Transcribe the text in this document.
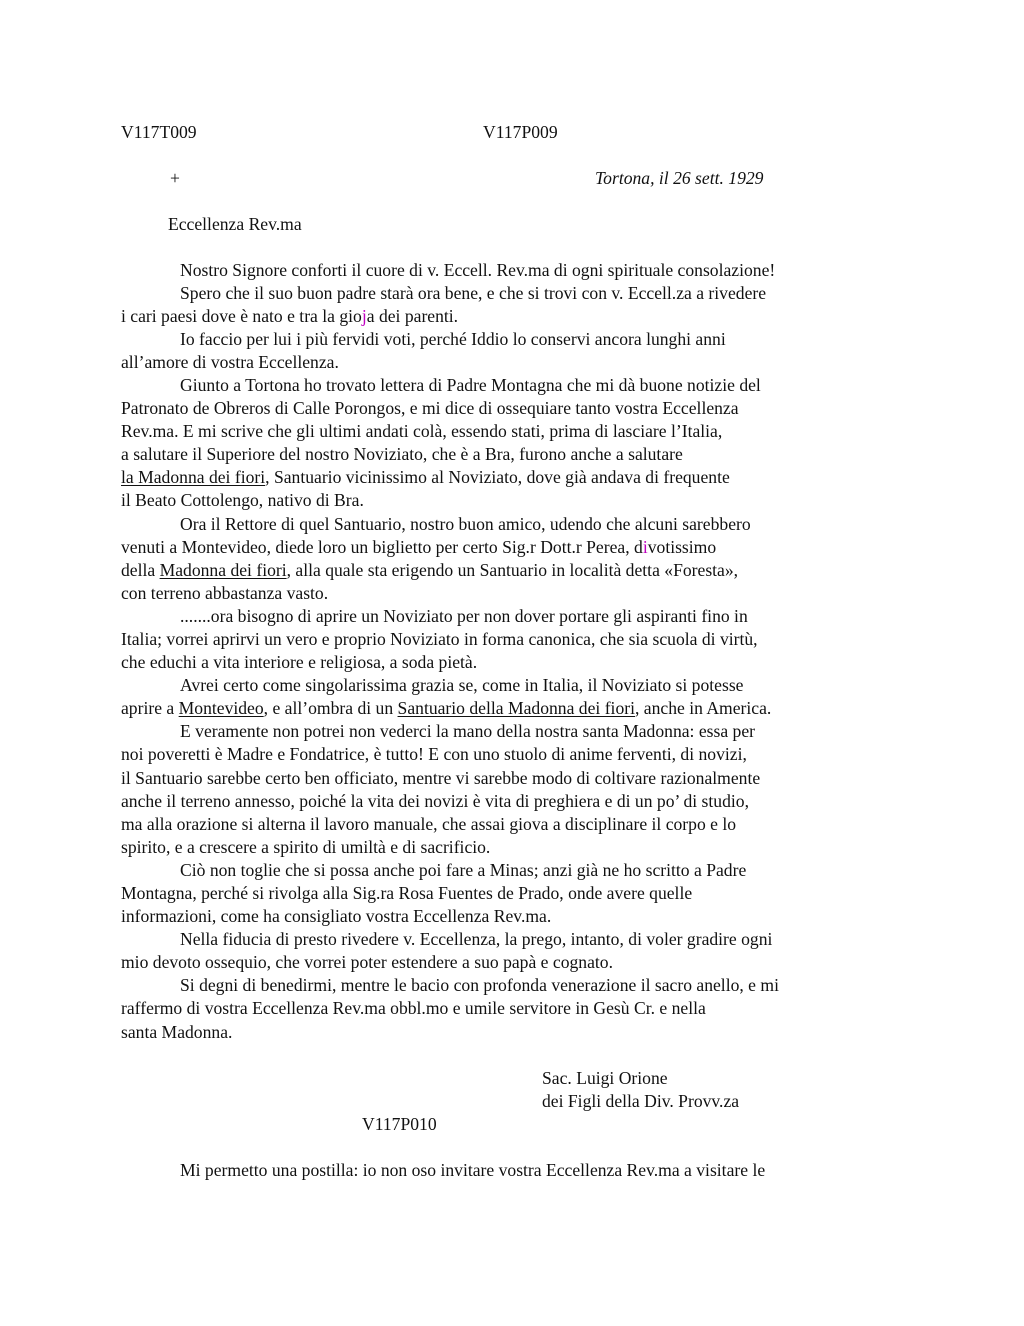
V117T009	V117P009
+	Tortona, il 26 sett. 1929
Eccellenza Rev.ma
Nostro Signore conforti il cuore di v. Eccell. Rev.ma di ogni spirituale consolazione!
Spero che il suo buon padre starà ora bene, e che si trovi con v. Eccell.za a rivedere
i cari paesi dove è nato e tra la gioja dei parenti.
Io faccio per lui i più fervidi voti, perché Iddio lo conservi ancora lunghi anni
all’amore di vostra Eccellenza.
Giunto a Tortona ho trovato lettera di Padre Montagna che mi dà buone notizie del
Patronato de Obreros di Calle Porongos, e mi dice di ossequiare tanto vostra Eccellenza
Rev.ma. E mi scrive che gli ultimi andati colà, essendo stati, prima di lasciare l’Italia,
a salutare il Superiore del nostro Noviziato, che è a Bra, furono anche a salutare
la Madonna dei fiori, Santuario vicinissimo al Noviziato, dove già andava di frequente
il Beato Cottolengo, nativo di Bra.
Ora il Rettore di quel Santuario, nostro buon amico, udendo che alcuni sarebbero
venuti a Montevideo, diede loro un biglietto per certo Sig.r Dott.r Perea, divotissimo
della Madonna dei fiori, alla quale sta erigendo un Santuario in località detta «Foresta»,
con terreno abbastanza vasto.
.......ora bisogno di aprire un Noviziato per non dover portare gli aspiranti fino in
Italia; vorrei aprirvi un vero e proprio Noviziato in forma canonica, che sia scuola di virtù,
che educhi a vita interiore e religiosa, a soda pietà.
Avrei certo come singolarissima grazia se, come in Italia, il Noviziato si potesse
aprire a Montevideo, e all’ombra di un Santuario della Madonna dei fiori, anche in America.
E veramente non potrei non vederci la mano della nostra santa Madonna: essa per
noi poveretti è Madre e Fondatrice, è tutto! E con uno stuolo di anime ferventi, di novizi,
il Santuario sarebbe certo ben officiato, mentre vi sarebbe modo di coltivare razionalmente
anche il terreno annesso, poiché la vita dei novizi è vita di preghiera e di un po’ di studio,
ma alla orazione si alterna il lavoro manuale, che assai giova a disciplinare il corpo e lo
spirito, e a crescere a spirito di umiltà e di sacrificio.
Ciò non toglie che si possa anche poi fare a Minas; anzi già ne ho scritto a Padre
Montagna, perché si rivolga alla Sig.ra Rosa Fuentes de Prado, onde avere quelle
informazioni, come ha consigliato vostra Eccellenza Rev.ma.
Nella fiducia di presto rivedere v. Eccellenza, la prego, intanto, di voler gradire ogni
mio devoto ossequio, che vorrei poter estendere a suo papà e cognato.
Si degni di benedirmi, mentre le bacio con profonda venerazione il sacro anello, e mi
raffermo di vostra Eccellenza Rev.ma obbl.mo e umile servitore in Gesù Cr. e nella
santa Madonna.
Sac. Luigi Orione
dei Figli della Div. Provv.za
V117P010
Mi permetto una postilla: io non oso invitare vostra Eccellenza Rev.ma a visitare le
